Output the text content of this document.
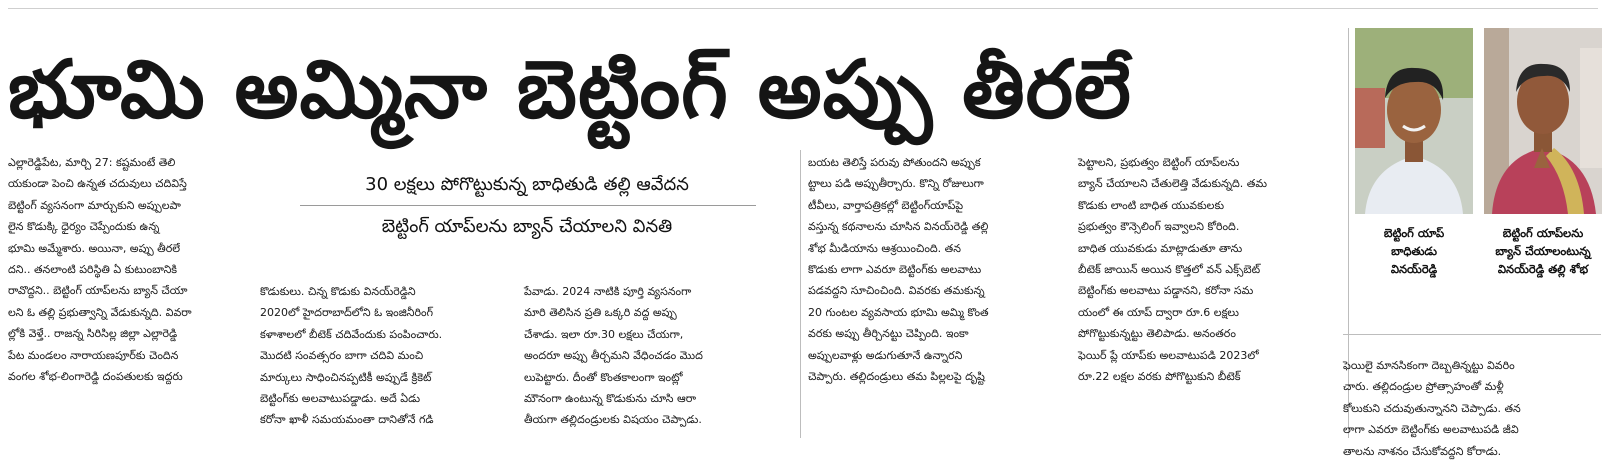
భూమి అమ్మినా బెట్టింగ్ అప్పు తీరలే
బెట్టింగ్ యాప్
బాధితుడు
వినయ్‌రెడ్డి
బెట్టింగ్ యాప్‌లను
బ్యాన్ చేయాలంటున్న
వినయ్‌రెడ్డి తల్లి శోభ
30 లక్షలు పోగొట్టుకున్న బాధితుడి తల్లి ఆవేదన
బెట్టింగ్ యాప్‌లను బ్యాన్ చేయాలని వినతి

ఎల్లారెడ్డిపేట, మార్చి 27: కష్టమంటే తెలి

యకుండా పెంచి ఉన్నత చదువులు చదివిస్తే

బెట్టింగ్ వ్యసనంగా మార్చుకుని అప్పులపా

లైన కొడుక్కి ధైర్యం చెప్పేందుకు ఉన్న

భూమి అమ్మేశారు. అయినా, అప్పు తీరలే

దని.. తనలాంటి పరిస్థితి ఏ కుటుంబానికి

రావొద్దని.. బెట్టింగ్ యాప్‌లను బ్యాన్ చేయా

లని ఓ తల్లి ప్రభుత్వాన్ని వేడుకున్నది. వివరా

ల్లోకి వెళ్తే.. రాజన్న సిరిసిల్ల జిల్లా ఎల్లారెడ్డి

పేట మండలం నారాయణపూర్‌కు చెందిన

వంగల శోభ-లింగారెడ్డి దంపతులకు ఇద్దరు

కొడుకులు. చిన్న కొడుకు వినయ్‌రెడ్డిని

2020లో హైదరాబాద్‌లోని ఓ ఇంజినీరింగ్

కళాశాలలో బీటెక్ చదివేందుకు పంపించారు.

మొదటి సంవత్సరం బాగా చదివి మంచి

మార్కులు సాధించినప్పటికీ అప్పుడే క్రికెట్

బెట్టింగ్‌కు అలవాటుపడ్డాడు. అదే ఏడు

కరోనా ఖాళీ సమయమంతా దానితోనే గడి

పేవాడు. 2024 నాటికి పూర్తి వ్యసనంగా

మారి తెలిసిన ప్రతి ఒక్కరి వద్ద అప్పు

చేశాడు. ఇలా రూ.30 లక్షలు చేయగా,

అందరూ అప్పు తీర్చమని వేధించడం మొద

లుపెట్టారు. దీంతో కొంతకాలంగా ఇంట్లో

మౌనంగా ఉంటున్న కొడుకును చూసి ఆరా

తీయగా తల్లిదండ్రులకు విషయం చెప్పాడు.

బయట తెలిస్తే పరువు పోతుందని అప్పుక

ట్టాలు పడి అప్పుతీర్చారు. కొన్ని రోజులుగా

టీవీలు, వార్తాపత్రికల్లో బెట్టింగ్‌యాప్‌పై

వస్తున్న కథనాలను చూసిన వినయ్‌రెడ్డి తల్లి

శోభ మీడియాను ఆశ్రయించింది. తన

కొడుకు లాగా ఎవరూ బెట్టింగ్‌కు అలవాటు

పడవద్దని సూచించింది. వివరకు తమకున్న

20 గుంటల వ్యవసాయ భూమి అమ్మి కొంత

వరకు అప్పు తీర్చినట్టు చెప్పింది. ఇంకా

అప్పులవాళ్లు అడుగుతూనే ఉన్నారని

చెప్పారు. తల్లిదండ్రులు తమ పిల్లలపై దృష్టి

పెట్టాలని, ప్రభుత్వం బెట్టింగ్ యాప్‌లను

బ్యాన్ చేయాలని చేతులెత్తి వేడుకున్నది. తమ

కొడుకు లాంటి బాధిత యువకులకు

ప్రభుత్వం కౌన్సెలింగ్ ఇవ్వాలని కోరింది.

బాధిత యువకుడు మాట్లాడుతూ తాను

బీటెక్ జాయిన్ అయిన కొత్తలో వన్ ఎక్స్‌బెట్

బెట్టింగ్‌కు అలవాటు పడ్డానని, కరోనా సమ

యంలో ఈ యాప్ ద్వారా రూ.6 లక్షలు

పోగొట్టుకున్నట్టు తెలిపాడు. అనంతరం

ఫెయిర్ ప్లే యాప్‌కు అలవాటుపడి 2023లో

రూ.22 లక్షల వరకు పోగొట్టుకుని బీటెక్

ఫెయిలై మానసికంగా దెబ్బతిన్నట్టు వివరిం

చారు. తల్లిదండ్రుల ప్రోత్సాహంతో మళ్లీ

కోలుకుని చదువుతున్నానని చెప్పాడు. తన

లాగా ఎవరూ బెట్టింగ్‌కు అలవాటుపడి జీవి

తాలను నాశనం చేసుకోవద్దని కోరాడు.
